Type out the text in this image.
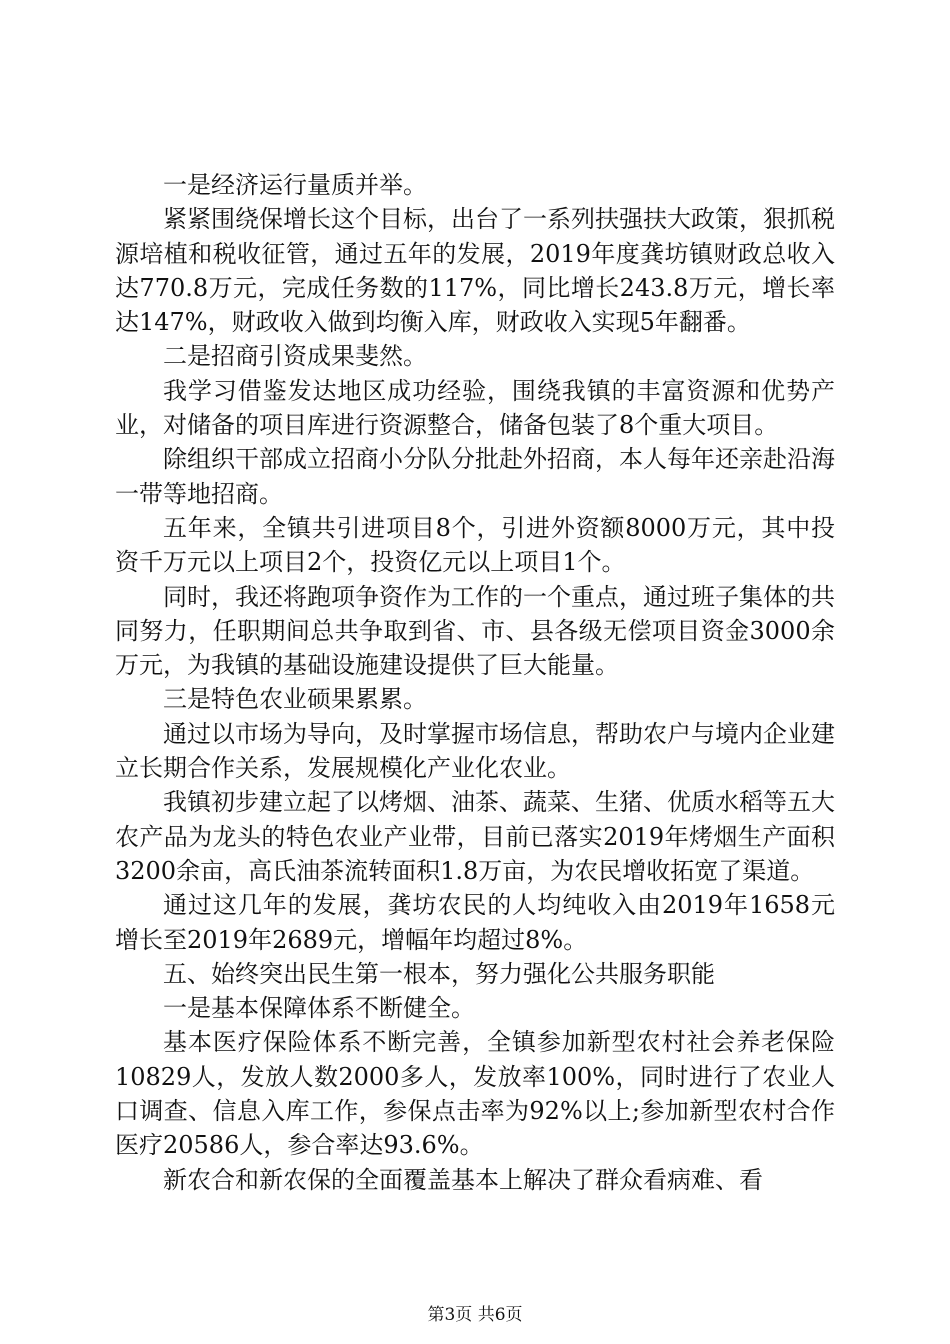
一是经济运行量质并举。

紧紧围绕保增长这个目标，出台了一系列扶强扶大政策，狠抓税源培植和税收征管，通过五年的发展，2019年度龚坊镇财政总收入达770.8万元，完成任务数的117%，同比增长243.8万元，增长率达147%，财政收入做到均衡入库，财政收入实现5年翻番。

二是招商引资成果斐然。

我学习借鉴发达地区成功经验，围绕我镇的丰富资源和优势产业，对储备的项目库进行资源整合，储备包装了8个重大项目。

除组织干部成立招商小分队分批赴外招商，本人每年还亲赴沿海一带等地招商。

五年来，全镇共引进项目8个，引进外资额8000万元，其中投资千万元以上项目2个，投资亿元以上项目1个。

同时，我还将跑项争资作为工作的一个重点，通过班子集体的共同努力，任职期间总共争取到省、市、县各级无偿项目资金3000余万元，为我镇的基础设施建设提供了巨大能量。

三是特色农业硕果累累。

通过以市场为导向，及时掌握市场信息，帮助农户与境内企业建立长期合作关系，发展规模化产业化农业。

我镇初步建立起了以烤烟、油茶、蔬菜、生猪、优质水稻等五大农产品为龙头的特色农业产业带，目前已落实2019年烤烟生产面积3200余亩，高氏油茶流转面积1.8万亩，为农民增收拓宽了渠道。

通过这几年的发展，龚坊农民的人均纯收入由2019年1658元增长至2019年2689元，增幅年均超过8%。

五、始终突出民生第一根本，努力强化公共服务职能

一是基本保障体系不断健全。

基本医疗保险体系不断完善，全镇参加新型农村社会养老保险10829人，发放人数2000多人，发放率100%，同时进行了农业人口调查、信息入库工作，参保点击率为92%以上;参加新型农村合作医疗20586人，参合率达93.6%。

新农合和新农保的全面覆盖基本上解决了群众看病难、看

第3页 共6页
